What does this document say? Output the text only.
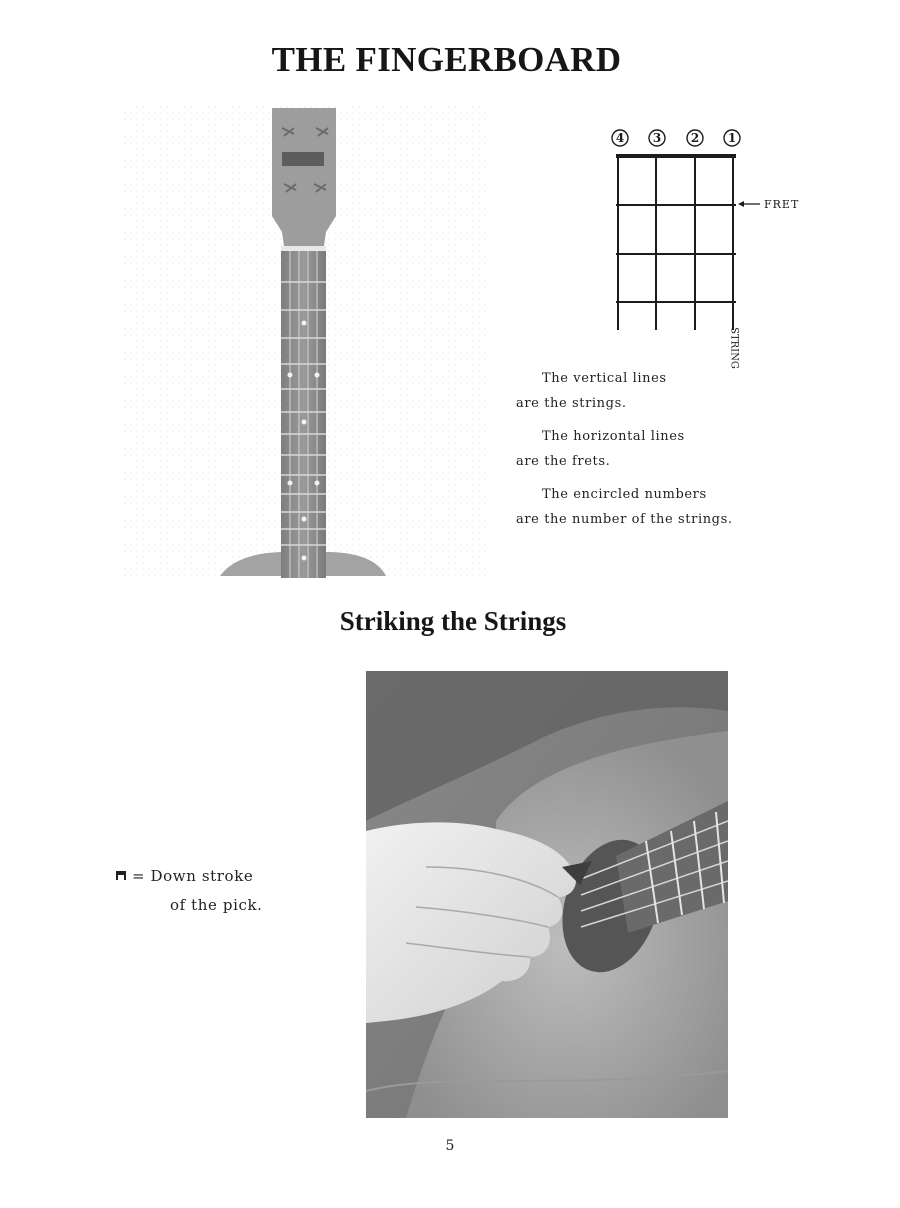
THE FINGERBOARD
4 3 2 1
FRET
STRING

The vertical lines
are the strings.

The horizontal lines
are the frets.

The encircled numbers
are the number of the strings.

Striking the Strings
= Down stroke
of the pick.
5
